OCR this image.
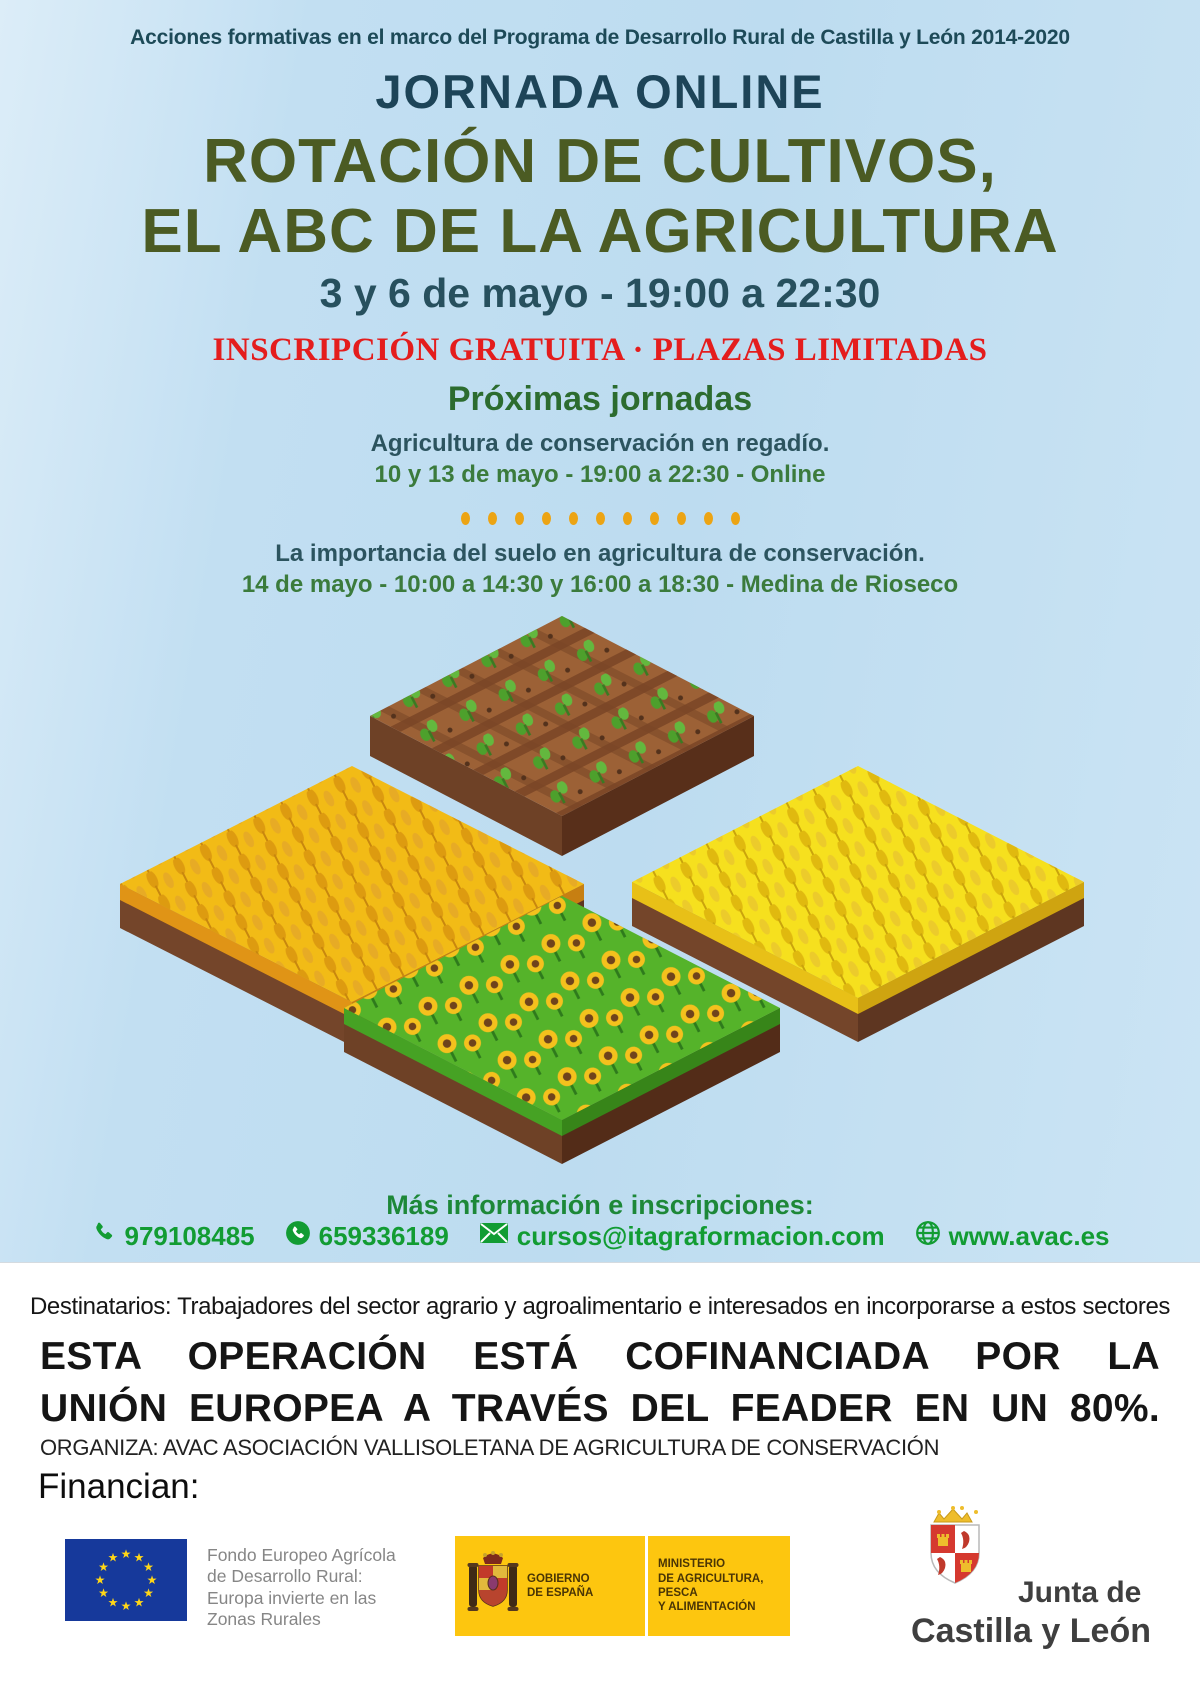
Acciones formativas en el marco del Programa de Desarrollo Rural de Castilla y León 2014-2020
JORNADA ONLINE
ROTACIÓN DE CULTIVOS,
EL ABC DE LA AGRICULTURA
3 y 6 de mayo - 19:00 a 22:30
INSCRIPCIÓN GRATUITA · PLAZAS LIMITADAS
Próximas jornadas
Agricultura de conservación en regadío.
10 y 13 de mayo - 19:00 a 22:30 - Online
La importancia del suelo en agricultura de conservación.
14 de mayo - 10:00 a 14:30 y 16:00 a 18:30 - Medina de Rioseco
Más información e inscripciones:
979108485 659336189	cursos@itagraformacion.com www.avac.es
Destinatarios: Trabajadores del sector agrario y agroalimentario e interesados en incorporarse a estos sectores
ESTA OPERACIÓN ESTÁ COFINANCIADA POR LA
UNIÓN EUROPEA A TRAVÉS DEL FEADER EN UN 80%.
ORGANIZA: AVAC ASOCIACIÓN VALLISOLETANA DE AGRICULTURA DE CONSERVACIÓN
Financian:
★ ★
★
★
★
★
★
★
★
★
★
★	Fondo Europeo Agrícola
de Desarrollo Rural:
Europa invierte en las
Zonas Rurales
GOBIERNO
DE ESPAÑA
MINISTERIO
DE AGRICULTURA, PESCA
Y ALIMENTACIÓN	Junta de
Castilla y León
